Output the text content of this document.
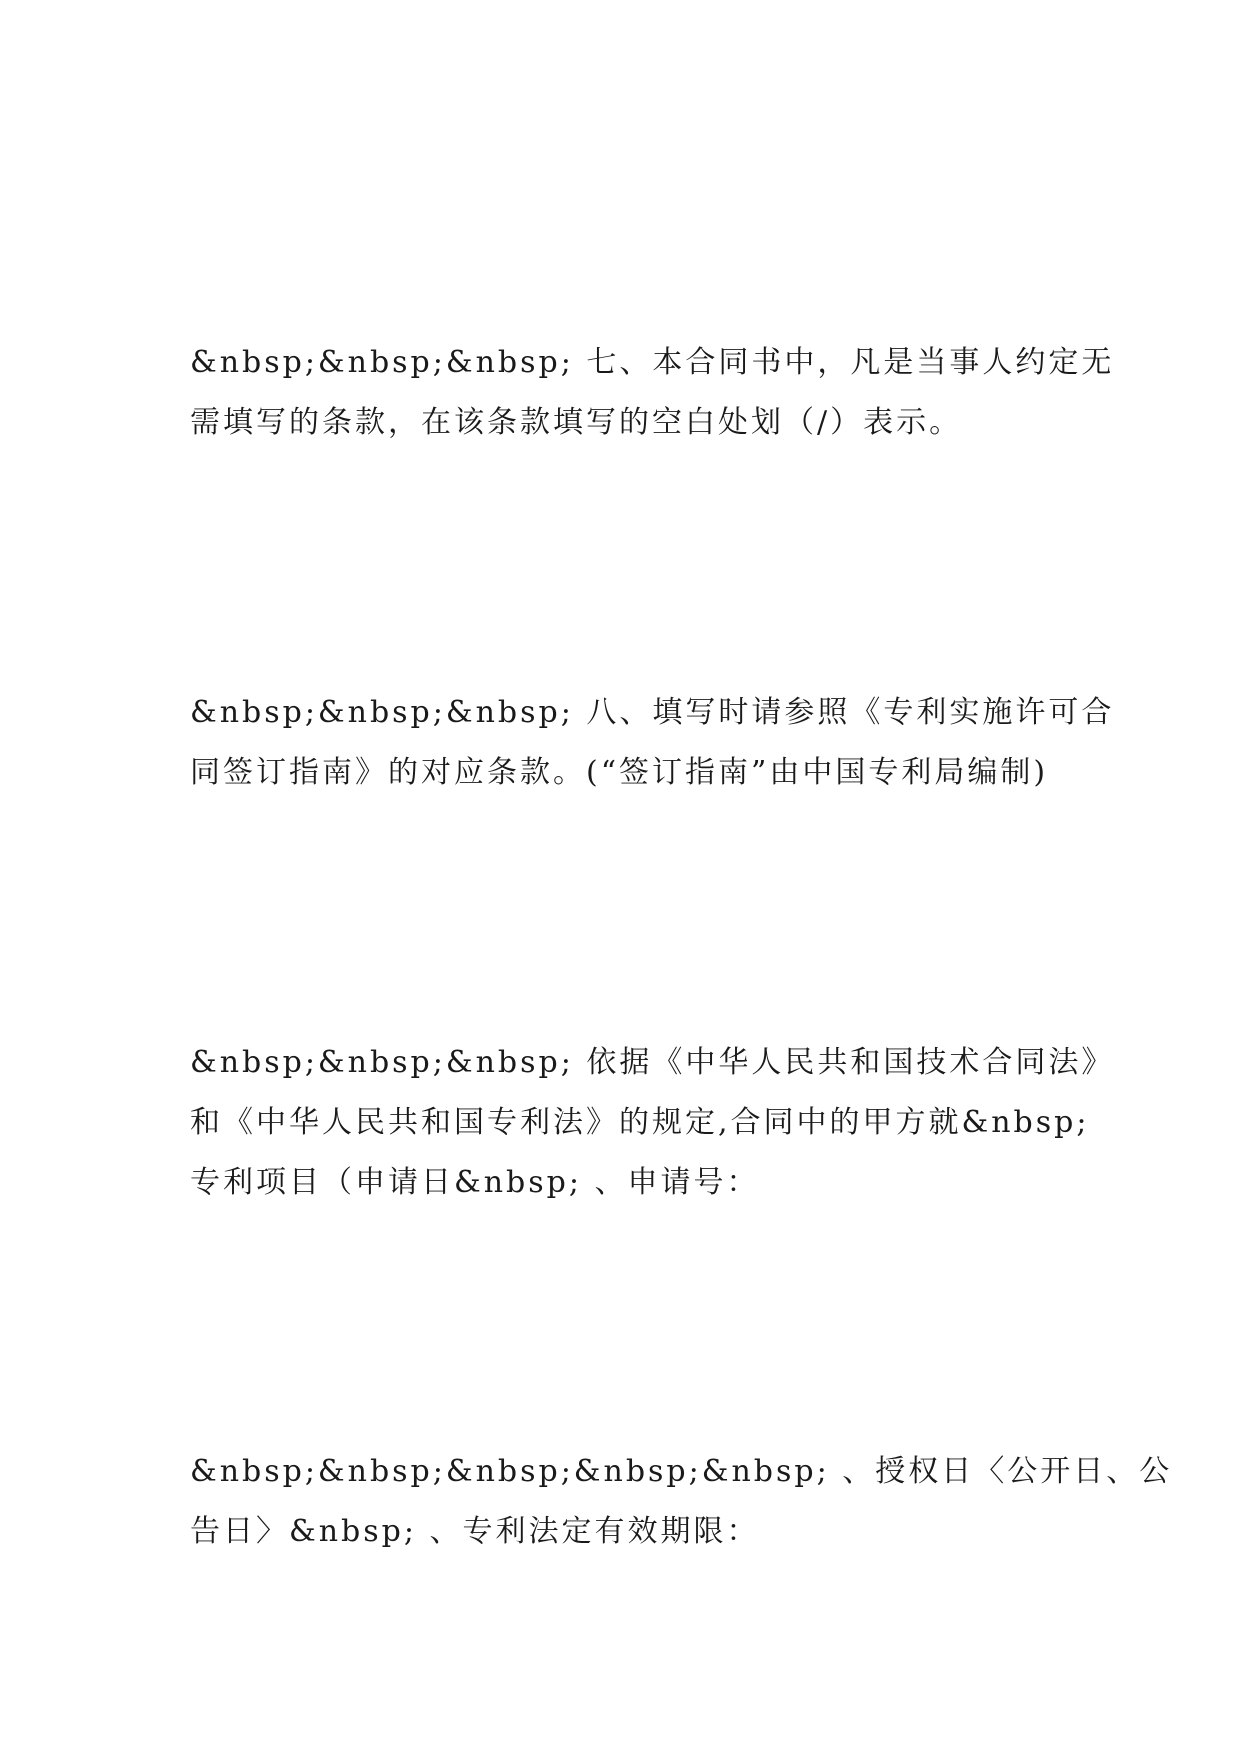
&nbsp;&nbsp;&nbsp; 七、本合同书中，凡是当事人约定无
需填写的条款，在该条款填写的空白处划（/）表示。

&nbsp;&nbsp;&nbsp; 八、填写时请参照《专利实施许可合
同签订指南》的对应条款。(“签订指南”由中国专利局编制)

&nbsp;&nbsp;&nbsp; 依据《中华人民共和国技术合同法》
和《中华人民共和国专利法》的规定,合同中的甲方就&nbsp;
专利项目（申请日&nbsp; 、申请号：

&nbsp;&nbsp;&nbsp;&nbsp;&nbsp; 、授权日〈公开日、公
告日〉&nbsp; 、专利法定有效期限：
